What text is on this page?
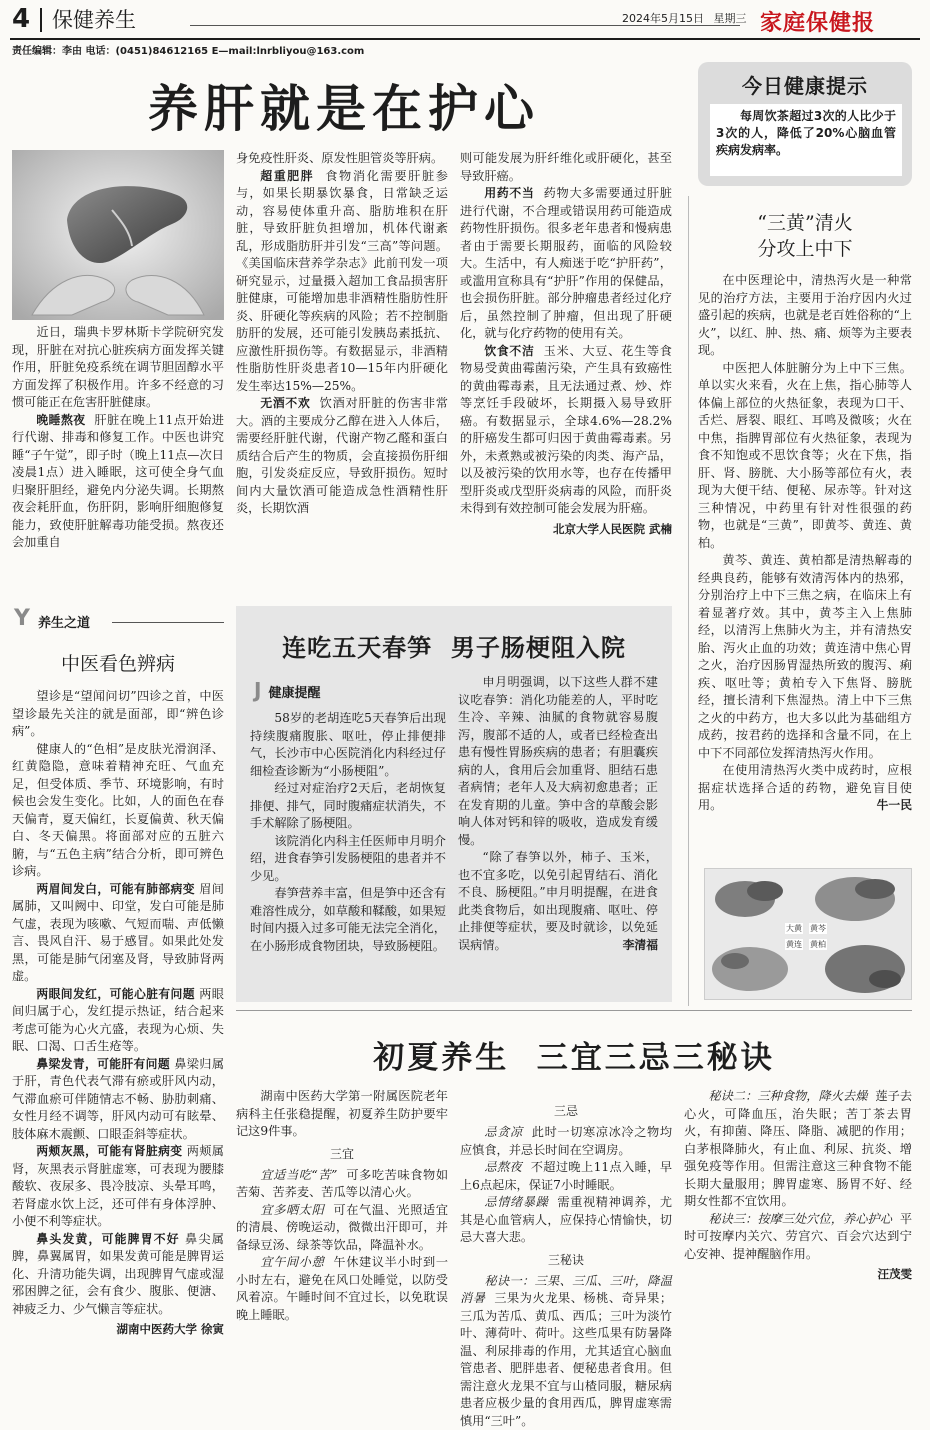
4 保健养生	2024年5月15日 星期三 家庭保健报
责任编辑：李由 电话：(0451)84612165 E—mail:lnrbliyou@163.com
养肝就是在护心

近日，瑞典卡罗林斯卡学院研究发现，肝脏在对抗心脏疾病方面发挥关键作用，肝脏免疫系统在调节胆固醇水平方面发挥了积极作用。许多不经意的习惯可能正在危害肝脏健康。

晚睡熬夜 肝脏在晚上11点开始进行代谢、排毒和修复工作。中医也讲究睡“子午觉”，即子时（晚上11点—次日凌晨1点）进入睡眠，这可使全身气血归聚肝胆经，避免内分泌失调。长期熬夜会耗肝血，伤肝阴，影响肝细胞修复能力，致使肝脏解毒功能受损。熬夜还会加重自

身免疫性肝炎、原发性胆管炎等肝病。

超重肥胖 食物消化需要肝脏参与，如果长期暴饮暴食，日常缺乏运动，容易使体重升高、脂肪堆积在肝脏，导致肝脏负担增加，机体代谢紊乱，形成脂肪肝并引发“三高”等问题。《美国临床营养学杂志》此前刊发一项研究显示，过量摄入超加工食品损害肝脏健康，可能增加患非酒精性脂肪性肝炎、肝硬化等疾病的风险；若不控制脂肪肝的发展，还可能引发胰岛素抵抗、应激性肝损伤等。有数据显示，非酒精性脂肪性肝炎患者10—15年内肝硬化发生率达15%—25%。

无酒不欢 饮酒对肝脏的伤害非常大。酒的主要成分乙醇在进入人体后，需要经肝脏代谢，代谢产物乙醛和蛋白质结合后产生的物质，会直接损伤肝细胞，引发炎症反应，导致肝损伤。短时间内大量饮酒可能造成急性酒精性肝炎，长期饮酒

则可能发展为肝纤维化或肝硬化，甚至导致肝癌。

用药不当 药物大多需要通过肝脏进行代谢，不合理或错误用药可能造成药物性肝损伤。很多老年患者和慢病患者由于需要长期服药，面临的风险较大。生活中，有人痴迷于吃“护肝药”，或滥用宣称具有“护肝”作用的保健品，也会损伤肝脏。部分肿瘤患者经过化疗后，虽然控制了肿瘤，但出现了肝硬化，就与化疗药物的使用有关。

饮食不洁 玉米、大豆、花生等食物易受黄曲霉菌污染，产生具有致癌性的黄曲霉毒素，且无法通过煮、炒、炸等烹饪手段破坏，长期摄入易导致肝癌。有数据显示，全球4.6%—28.2%的肝癌发生都可归因于黄曲霉毒素。另外，未煮熟或被污染的肉类、海产品，以及被污染的饮用水等，也存在传播甲型肝炎或戊型肝炎病毒的风险，而肝炎未得到有效控制可能会发展为肝癌。

北京大学人民医院 武楠

今日健康提示
每周饮茶超过3次的人比少于3次的人，降低了20%心脑血管疾病发病率。
“三黄”清火
分攻上中下

在中医理论中，清热泻火是一种常见的治疗方法，主要用于治疗因内火过盛引起的疾病，也就是老百姓俗称的“上火”，以红、肿、热、痛、烦等为主要表现。

中医把人体脏腑分为上中下三焦。单以实火来看，火在上焦，指心肺等人体偏上部位的火热征象，表现为口干、舌烂、唇裂、眼红、耳鸣及微咳；火在中焦，指脾胃部位有火热征象，表现为食不知饱或不思饮食等；火在下焦，指肝、肾、膀胱、大小肠等部位有火，表现为大便干结、便秘、尿赤等。针对这三种情况，中药里有针对性很强的药物，也就是“三黄”，即黄芩、黄连、黄柏。

黄芩、黄连、黄柏都是清热解毒的经典良药，能够有效清泻体内的热邪，分别治疗上中下三焦之病，在临床上有着显著疗效。其中，黄芩主入上焦肺经，以清泻上焦肺火为主，并有清热安胎、泻火止血的功效；黄连清中焦心胃之火，治疗因肠胃湿热所致的腹泻、痢疾、呕吐等；黄柏专入下焦肾、膀胱经，擅长清利下焦湿热。清上中下三焦之火的中药方，也大多以此为基础组方成药，按君药的选择和含量不同，在上中下不同部位发挥清热泻火作用。

在使用清热泻火类中成药时，应根据症状选择合适的药物，避免盲目使用。	牛一民

大黄 黄芩
黄连 黄柏
Y 养生之道
中医看色辨病

望诊是“望闻问切”四诊之首，中医望诊最先关注的就是面部，即“辨色诊病”。

健康人的“色相”是皮肤光滑润泽、红黄隐隐，意味着精神充旺、气血充足，但受体质、季节、环境影响，有时候也会发生变化。比如，人的面色在春天偏青，夏天偏红，长夏偏黄、秋天偏白、冬天偏黑。将面部对应的五脏六腑，与“五色主病”结合分析，即可辨色诊病。

两眉间发白，可能有肺部病变 眉间属肺，又叫阙中、印堂，发白可能是肺气虚，表现为咳嗽、气短而喘、声低懒言、畏风自汗、易于感冒。如果此处发黑，可能是肺气闭塞及肾，导致肺肾两虚。

两眼间发红，可能心脏有问题 两眼间归属于心，发红提示热证，结合起来考虑可能为心火亢盛，表现为心烦、失眠、口渴、口舌生疮等。

鼻梁发青，可能肝有问题 鼻梁归属于肝，青色代表气滞有瘀或肝风内动，气滞血瘀可伴随情志不畅、胁肋刺痛、女性月经不调等，肝风内动可有眩晕、肢体麻木震颤、口眼歪斜等症状。

两颊灰黑，可能有肾脏病变 两颊属肾，灰黑表示肾脏虚寒，可表现为腰膝酸软、夜尿多、畏冷肢凉、头晕耳鸣，若肾虚水饮上泛，还可伴有身体浮肿、小便不利等症状。

鼻头发黄，可能脾胃不好 鼻尖属脾，鼻翼属胃，如果发黄可能是脾胃运化、升清功能失调，出现脾胃气虚或湿邪困脾之征，会有食少、腹胀、便溏、神疲乏力、少气懒言等症状。

湖南中医药大学 徐寅

连吃五天春笋  男子肠梗阻入院
J 健康提醒

58岁的老胡连吃5天春笋后出现持续腹痛腹胀、呕吐，停止排便排气，长沙市中心医院消化内科经过仔细检查诊断为“小肠梗阻”。

经过对症治疗2天后，老胡恢复排便、排气，同时腹痛症状消失，不手术解除了肠梗阻。

该院消化内科主任医师申月明介绍，进食春笋引发肠梗阻的患者并不少见。

春笋营养丰富，但是笋中还含有难溶性成分，如草酸和鞣酸，如果短时间内摄入过多可能无法完全消化，在小肠形成食物团块，导致肠梗阻。

申月明强调，以下这些人群不建议吃春笋：消化功能差的人，平时吃生冷、辛辣、油腻的食物就容易腹泻，腹部不适的人，或者已经检查出患有慢性胃肠疾病的患者；有胆囊疾病的人，食用后会加重肾、胆结石患者病情；老年人及大病初愈患者；正在发育期的儿童。笋中含的草酸会影响人体对钙和锌的吸收，造成发育缓慢。

“除了春笋以外，柿子、玉米，也不宜多吃，以免引起胃结石、消化不良、肠梗阻。”申月明提醒，在进食此类食物后，如出现腹痛、呕吐、停止排便等症状，要及时就诊，以免延误病情。	李清福

初夏养生  三宜三忌三秘诀

湖南中医药大学第一附属医院老年病科主任张稳提醒，初夏养生防护要牢记这9件事。

三宜

宜适当吃“苦” 可多吃苦味食物如苦菊、苦荞麦、苦瓜等以清心火。

宜多晒太阳 可在气温、光照适宜的清晨、傍晚运动，微微出汗即可，并备绿豆汤、绿茶等饮品，降温补水。

宜午间小憩 午休建议半小时到一小时左右，避免在风口处睡觉，以防受风着凉。午睡时间不宜过长，以免耽误晚上睡眠。

三忌

忌贪凉 此时一切寒凉冰冷之物均应慎食，并忌长时间在空调房。

忌熬夜 不超过晚上11点入睡，早上6点起床，保证7小时睡眠。

忌情绪暴躁 需重视精神调养，尤其是心血管病人，应保持心情愉快，切忌大喜大悲。

三秘诀

秘诀一：三果、三瓜、三叶，降温消暑 三果为火龙果、杨桃、奇异果；三瓜为苦瓜、黄瓜、西瓜；三叶为淡竹叶、薄荷叶、荷叶。这些瓜果有防暑降温、利尿排毒的作用，尤其适宜心脑血管患者、肥胖患者、便秘患者食用。但需注意火龙果不宜与山楂同服，糖尿病患者应极少量的食用西瓜，脾胃虚寒需慎用“三叶”。

秘诀二：三种食物，降火去燥 莲子去心火，可降血压，治失眠；苦丁茶去胃火，有抑菌、降压、降脂、减肥的作用；白茅根降肺火，有止血、利尿、抗炎、增强免疫等作用。但需注意这三种食物不能长期大量服用；脾胃虚寒、肠胃不好、经期女性都不宜饮用。

秘诀三：按摩三处穴位，养心护心 平时可按摩内关穴、劳宫穴、百会穴达到宁心安神、提神醒脑作用。

汪茂雯
